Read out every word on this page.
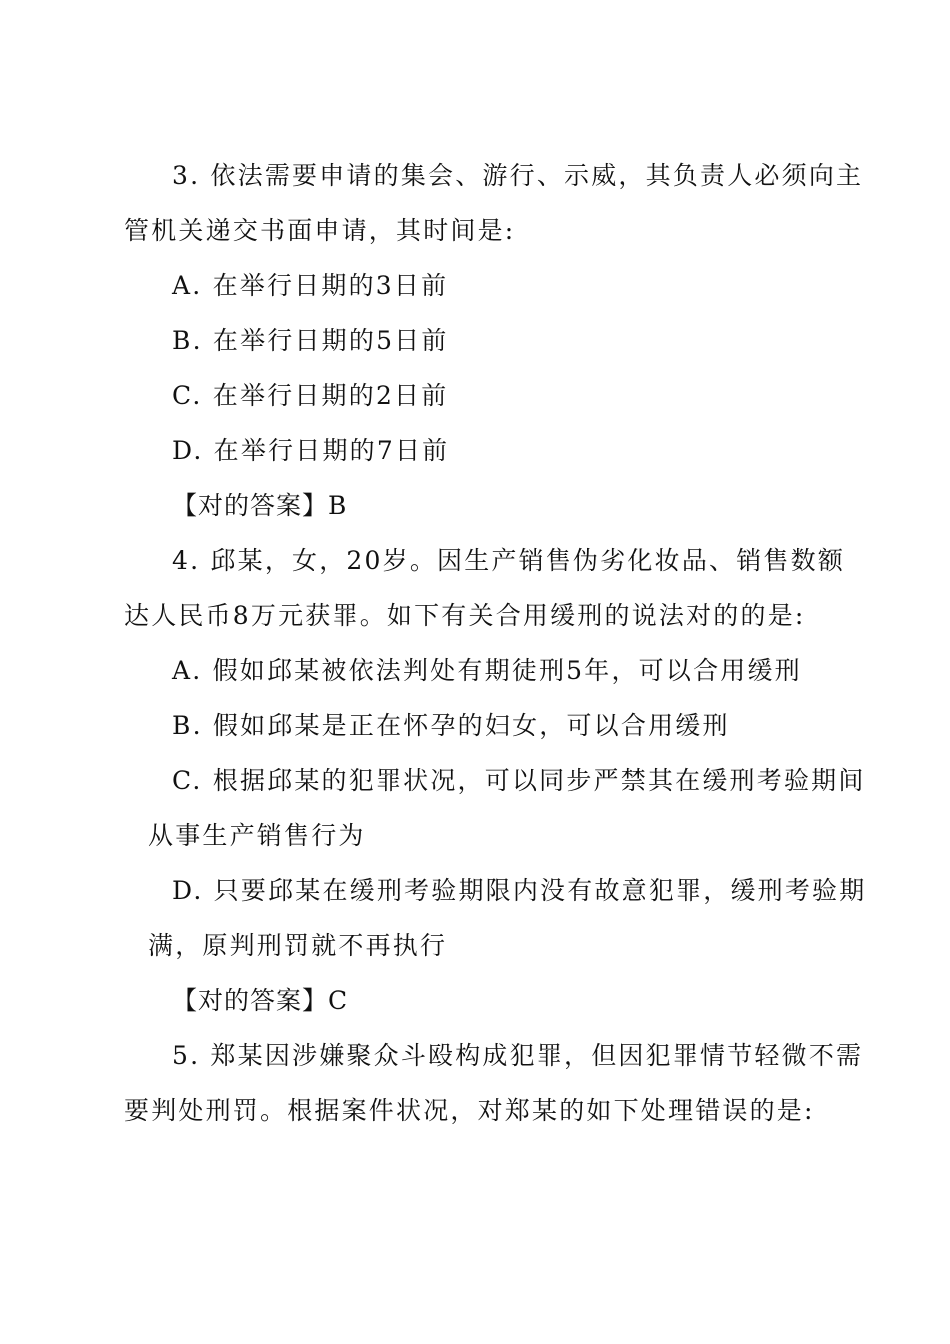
3. 依法需要申请的集会、游行、示威，其负责人必须向主
管机关递交书面申请，其时间是:
A. 在举行日期的3日前
B. 在举行日期的5日前
C. 在举行日期的2日前
D. 在举行日期的7日前
【对的答案】B
4. 邱某，女，20岁。因生产销售伪劣化妆品、销售数额
达人民币8万元获罪。如下有关合用缓刑的说法对的的是:
A. 假如邱某被依法判处有期徒刑5年，可以合用缓刑
B. 假如邱某是正在怀孕的妇女，可以合用缓刑
C. 根据邱某的犯罪状况，可以同步严禁其在缓刑考验期间
从事生产销售行为
D. 只要邱某在缓刑考验期限内没有故意犯罪，缓刑考验期
满，原判刑罚就不再执行
【对的答案】C
5. 郑某因涉嫌聚众斗殴构成犯罪，但因犯罪情节轻微不需
要判处刑罚。根据案件状况，对郑某的如下处理错误的是:
